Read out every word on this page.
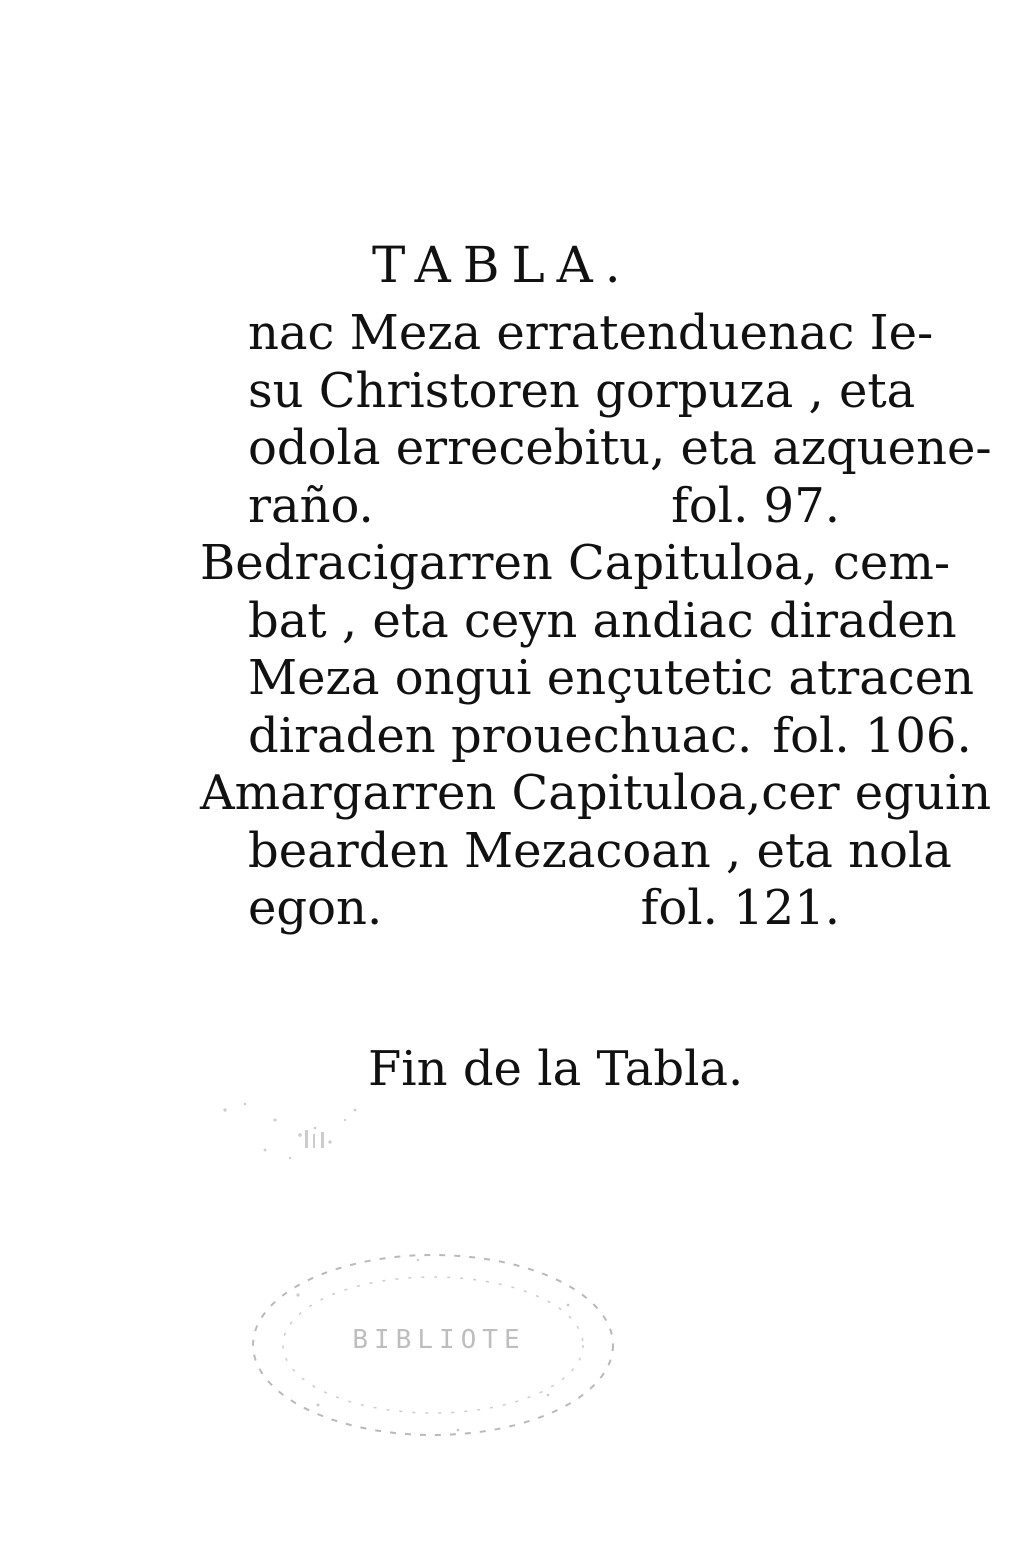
TABLA.
nac Meza erratenduenac Ie-
su Christoren gorpuza , eta
odola errecebitu, eta azquene-
raño.	fol. 97.
Bedracigarren Capituloa, cem-
bat , eta ceyn andiac diraden
Meza ongui ençutetic atracen
diraden prouechuac. fol. 106.
Amargarren Capituloa,cer eguin
bearden Mezacoan , eta nola
egon.	fol. 121.
Fin de la Tabla.
BIBLIOTE
